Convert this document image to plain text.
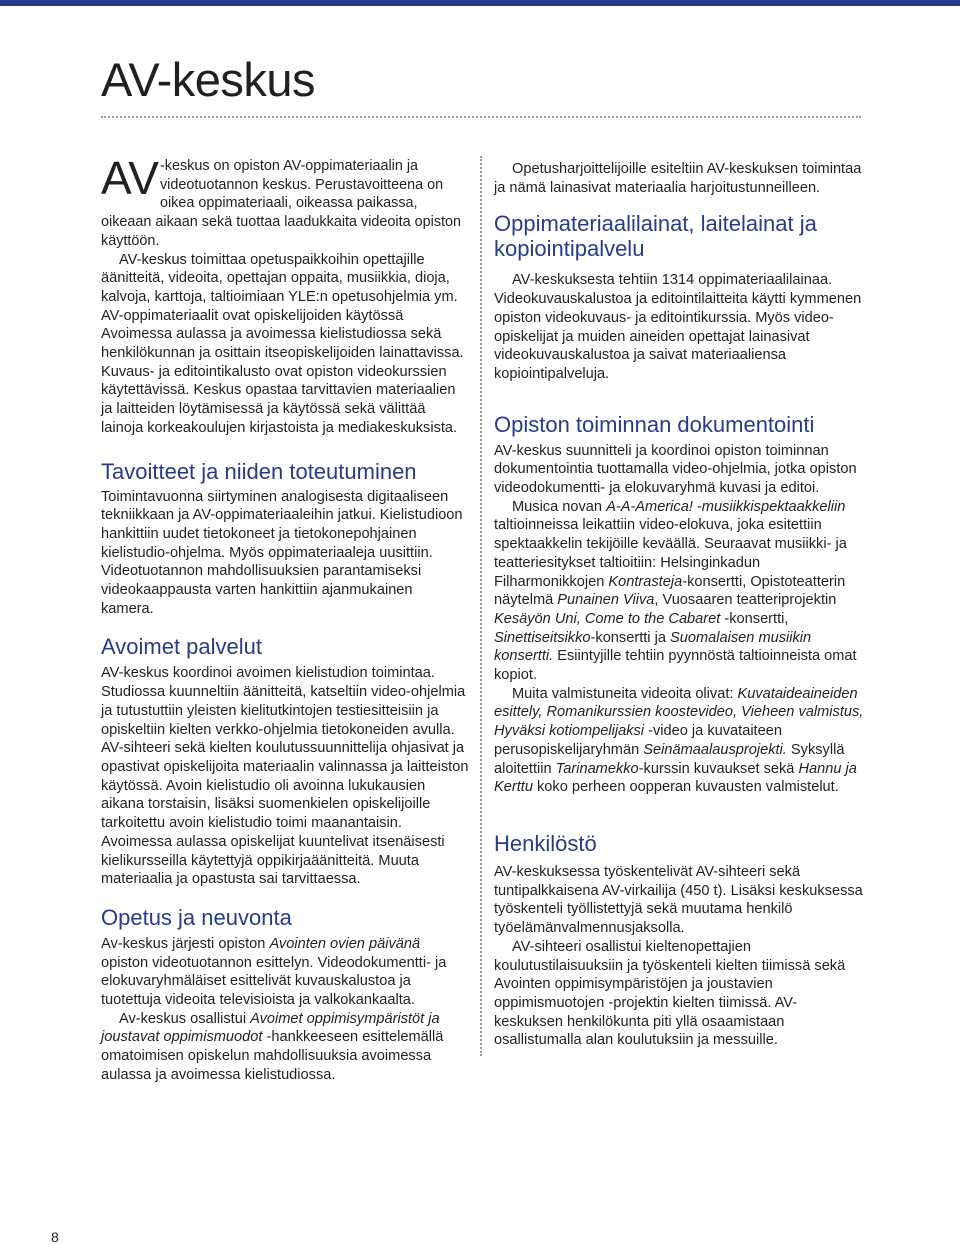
AV-keskus

AV -keskus on opiston AV-oppimateriaalin ja videotuotannon keskus. Perustavoitteena on oikea oppimateriaali, oikeassa paikassa, oikeaan aikaan sekä tuottaa laadukkaita videoita opiston käyttöön.

AV-keskus toimittaa opetuspaikkoihin opettajille äänitteitä, videoita, opettajan oppaita, musiikkia, dioja, kalvoja, karttoja, taltioimiaan YLE:n opetusohjelmia ym. AV-oppimateriaalit ovat opiskelijoiden käytössä Avoimessa aulassa ja avoimessa kielistudiossa sekä henkilökunnan ja osittain itseopiskelijoiden lainattavissa. Kuvaus- ja editointikalusto ovat opiston videokurssien käytettävissä. Keskus opastaa tarvittavien materiaalien ja laitteiden löytämisessä ja käytössä sekä välittää lainoja korkeakoulujen kirjastoista ja mediakeskuksista.

Tavoitteet ja niiden toteutuminen

Toimintavuonna siirtyminen analogisesta digitaaliseen tekniikkaan ja AV-oppimateriaaleihin jatkui. Kielistudioon hankittiin uudet tietokoneet ja tietokonepohjainen kielistudio-ohjelma. Myös oppimateriaaleja uusittiin. Videotuotannon mahdollisuuksien parantamiseksi videokaappausta varten hankittiin ajanmukainen kamera.

Avoimet palvelut

AV-keskus koordinoi avoimen kielistudion toimintaa. Studiossa kuunneltiin äänitteitä, katseltiin video-ohjelmia ja tutustuttiin yleisten kielitutkintojen testiesitteisiin ja opiskeltiin kielten verkko-ohjelmia tietokoneiden avulla. AV-sihteeri sekä kielten koulutussuunnittelija ohjasivat ja opastivat opiskelijoita materiaalin valinnassa ja laitteiston käytössä. Avoin kielistudio oli avoinna lukukausien aikana torstaisin, lisäksi suomenkielen opiskelijoille tarkoitettu avoin kielistudio toimi maanantaisin.

Avoimessa aulassa opiskelijat kuuntelivat itsenäisesti kielikursseilla käytettyjä oppikirjaäänitteitä. Muuta materiaalia ja opastusta sai tarvittaessa.

Opetus ja neuvonta

Av-keskus järjesti opiston Avointen ovien päivänä opiston videotuotannon esittelyn. Videodokumentti- ja elokuvaryhmäläiset esittelivät kuvauskalustoa ja tuotettuja videoita televisioista ja valkokankaalta.

Av-keskus osallistui Avoimet oppimisympäristöt ja joustavat oppimismuodot -hankkeeseen esittelemällä omatoimisen opiskelun mahdollisuuksia avoimessa aulassa ja avoimessa kielistudiossa.

Opetusharjoittelijoille esiteltiin AV-keskuksen toimintaa ja nämä lainasivat materiaalia harjoitustunneilleen.

Oppimateriaalilainat, laitelainat ja kopiointipalvelu

AV-keskuksesta tehtiin 1314 oppimateriaalilainaa.

Videokuvauskalustoa ja editointilaitteita käytti kymmenen opiston videokuvaus- ja editointikurssia. Myös video-opiskelijat ja muiden aineiden opettajat lainasivat videokuvauskalustoa ja saivat materiaaliensa kopiointipalveluja.

Opiston toiminnan dokumentointi

AV-keskus suunnitteli ja koordinoi opiston toiminnan dokumentointia tuottamalla video-ohjelmia, jotka opiston videodokumentti- ja elokuvaryhmä kuvasi ja editoi.

Musica novan A-A-America! -musiikkispektaakkeliin taltioinneissa leikattiin video-elokuva, joka esitettiin spektaakkelin tekijöille keväällä. Seuraavat musiikki- ja teatteriesitykset taltioitiin: Helsinginkadun Filharmonikkojen Kontrasteja-konsertti, Opistoteatterin näytelmä Punainen Viiva, Vuosaaren teatteriprojektin Kesäyön Uni, Come to the Cabaret -konsertti, Sinettiseitsikko-konsertti ja Suomalaisen musiikin konsertti. Esiintyjille tehtiin pyynnöstä taltioinneista omat kopiot.

Muita valmistuneita videoita olivat: Kuvataideaineiden esittely, Romanikurssien koostevideo, Vieheen valmistus, Hyväksi kotiompelijaksi -video ja kuvataiteen perusopiskelijaryhmän Seinämaalausprojekti. Syksyllä aloitettiin Tarinamekko-kurssin kuvaukset sekä Hannu ja Kerttu koko perheen oopperan kuvausten valmistelut.

Henkilöstö

AV-keskuksessa työskentelivät AV-sihteeri sekä tuntipalkkaisena AV-virkailija (450 t). Lisäksi keskuksessa työskenteli työllistettyjä sekä muutama henkilö työelämänvalmennusjaksolla.

AV-sihteeri osallistui kieltenopettajien koulutustilaisuuksiin ja työskenteli kielten tiimissä sekä Avointen oppimisympäristöjen ja joustavien oppimismuotojen -projektin kielten tiimissä. AV-keskuksen henkilökunta piti yllä osaamistaan osallistumalla alan koulutuksiin ja messuille.

8
